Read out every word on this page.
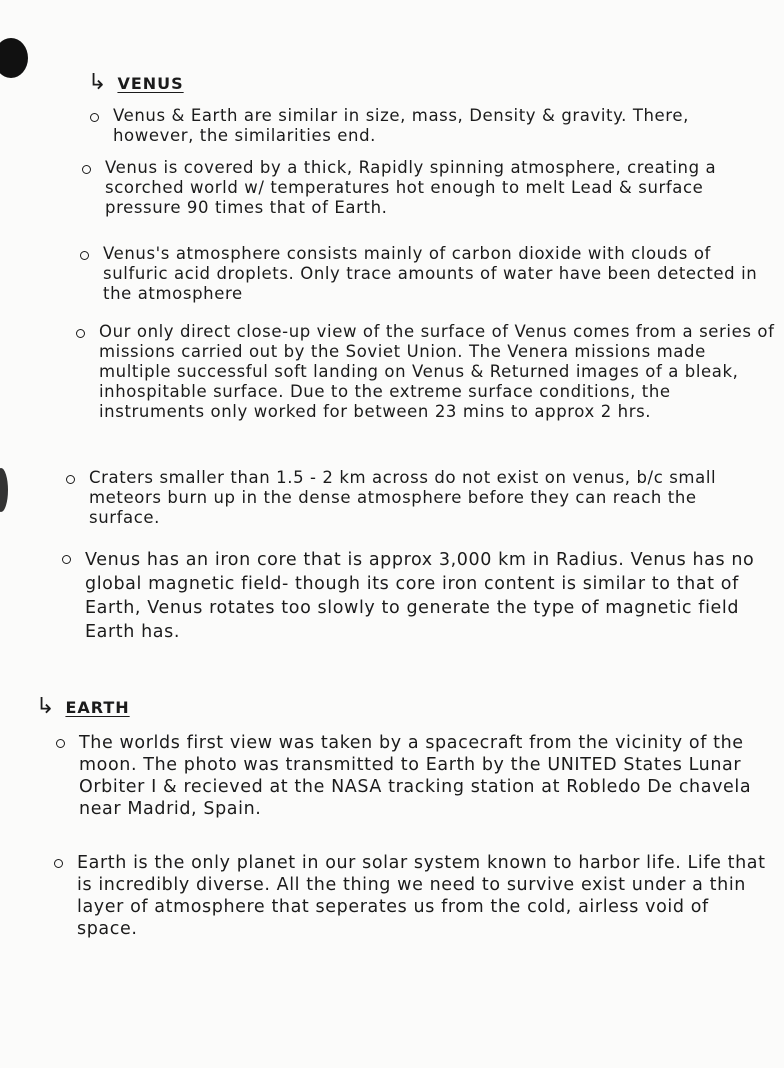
↳ VENUS
Venus & Earth are similar in size, mass, Density & gravity. There, however, the similarities end.
Venus is covered by a thick, Rapidly spinning atmosphere, creating a scorched world w/ temperatures hot enough to melt Lead & surface pressure 90 times that of Earth.
Venus's atmosphere consists mainly of carbon dioxide with clouds of sulfuric acid droplets. Only trace amounts of water have been detected in the atmosphere
Our only direct close-up view of the surface of Venus comes from a series of missions carried out by the Soviet Union. The Venera missions made multiple successful soft landing on Venus & Returned images of a bleak, inhospitable surface. Due to the extreme surface conditions, the instruments only worked for between 23 mins to approx 2 hrs.
Craters smaller than 1.5 - 2 km across do not exist on venus, b/c small meteors burn up in the dense atmosphere before they can reach the surface.
Venus has an iron core that is approx 3,000 km in Radius. Venus has no global magnetic field- though its core iron content is similar to that of Earth, Venus rotates too slowly to generate the type of magnetic field Earth has.
↳ EARTH
The worlds first view was taken by a spacecraft from the vicinity of the moon. The photo was transmitted to Earth by the UNITED States Lunar Orbiter I & recieved at the NASA tracking station at Robledo De chavela near Madrid, Spain.
Earth is the only planet in our solar system known to harbor life. Life that is incredibly diverse. All the thing we need to survive exist under a thin layer of atmosphere that seperates us from the cold, airless void of space.
